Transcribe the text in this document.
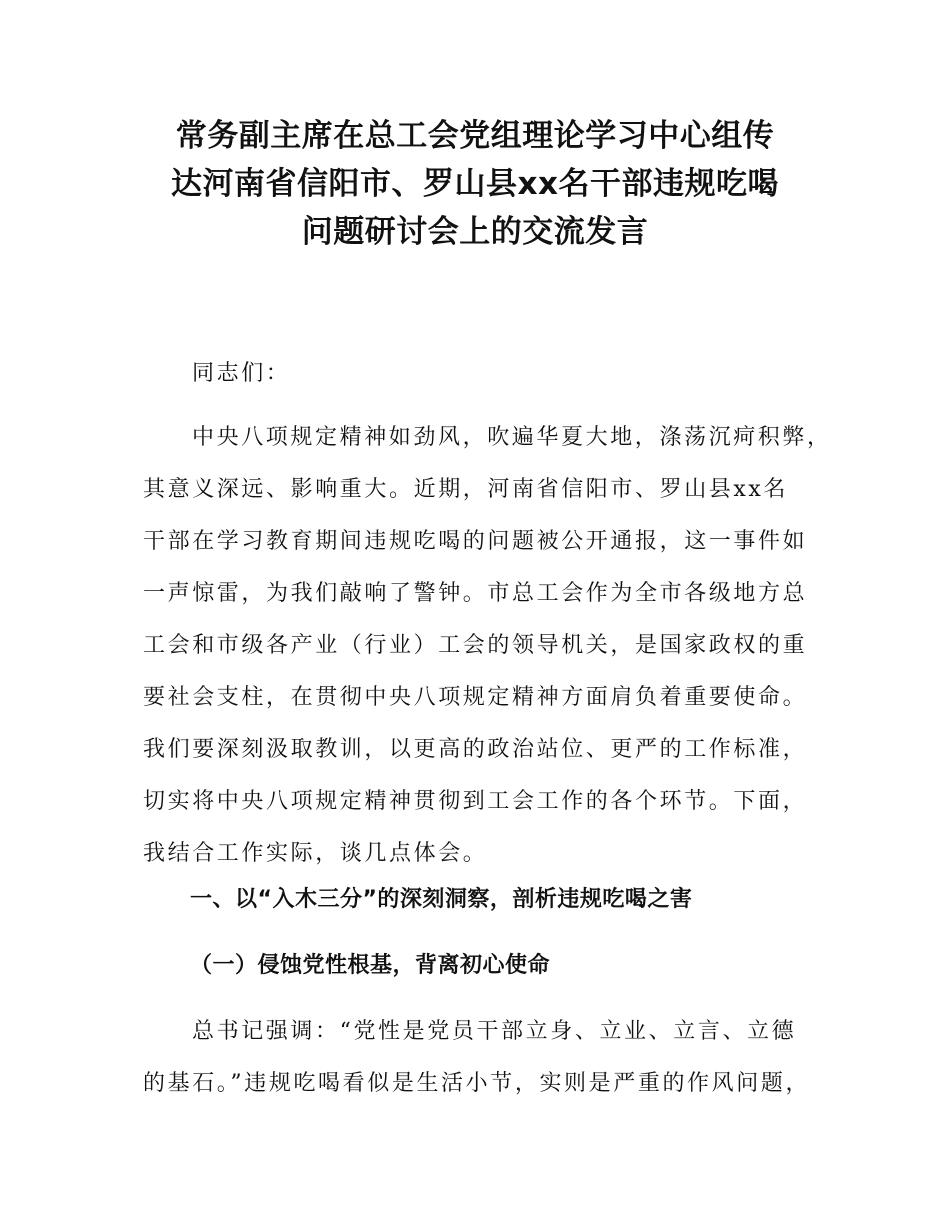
常务副主席在总工会党组理论学习中心组传
达河南省信阳市、罗山县xx名干部违规吃喝
问题研讨会上的交流发言
同志们：
中央八项规定精神如劲风，吹遍华夏大地，涤荡沉疴积弊，
其意义深远、影响重大。近期，河南省信阳市、罗山县xx名
干部在学习教育期间违规吃喝的问题被公开通报，这一事件如
一声惊雷，为我们敲响了警钟。市总工会作为全市各级地方总
工会和市级各产业（行业）工会的领导机关，是国家政权的重
要社会支柱，在贯彻中央八项规定精神方面肩负着重要使命。
我们要深刻汲取教训，以更高的政治站位、更严的工作标准，
切实将中央八项规定精神贯彻到工会工作的各个环节。下面，
我结合工作实际，谈几点体会。
一、以“入木三分”的深刻洞察，剖析违规吃喝之害
（一）侵蚀党性根基，背离初心使命
总书记强调：“党性是党员干部立身、立业、立言、立德
的基石。”违规吃喝看似是生活小节，实则是严重的作风问题，
